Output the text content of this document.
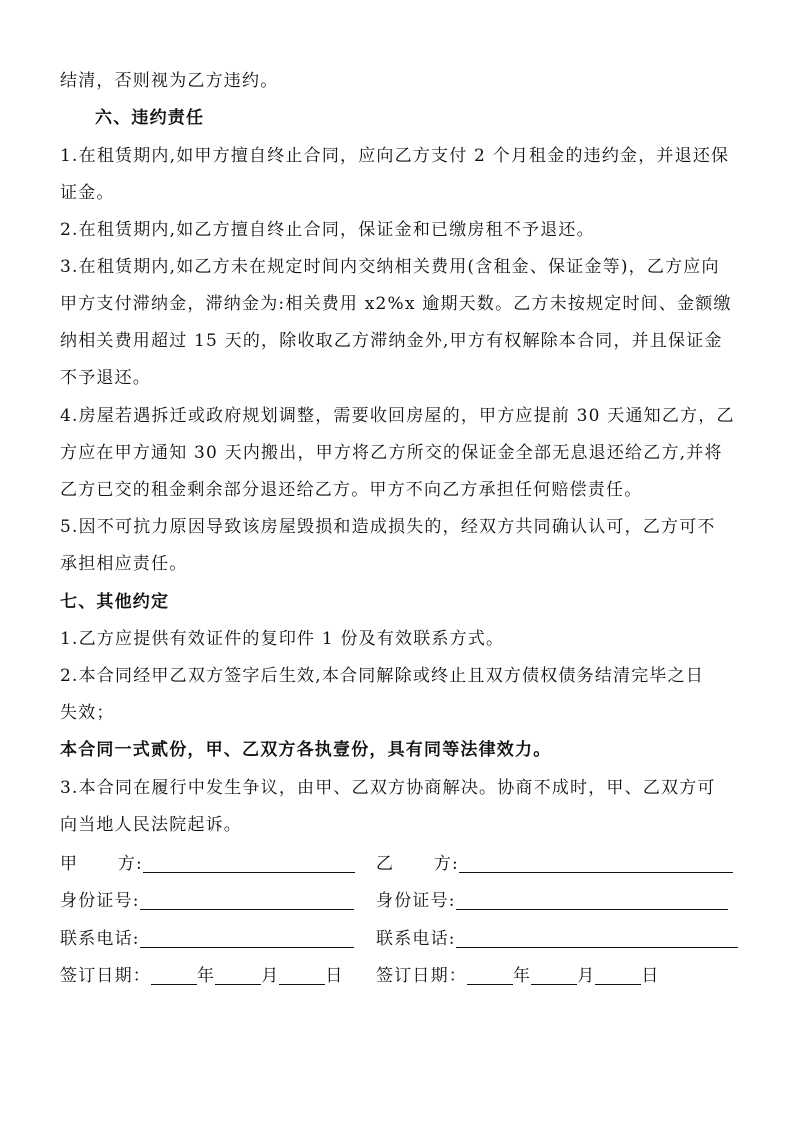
结清，否则视为乙方违约。
六、违约责任
1.在租赁期内,如甲方擅自终止合同，应向乙方支付 2 个月租金的违约金，并退还保
证金。
2.在租赁期内,如乙方擅自终止合同，保证金和已缴房租不予退还。
3.在租赁期内,如乙方未在规定时间内交纳相关费用(含租金、保证金等)，乙方应向
甲方支付滞纳金，滞纳金为:相关费用 x2%x 逾期天数。乙方未按规定时间、金额缴
纳相关费用超过 15 天的，除收取乙方滞纳金外,甲方有权解除本合同，并且保证金
不予退还。
4.房屋若遇拆迁或政府规划调整，需要收回房屋的，甲方应提前 30 天通知乙方，乙
方应在甲方通知 30 天内搬出，甲方将乙方所交的保证金全部无息退还给乙方,并将
乙方已交的租金剩余部分退还给乙方。甲方不向乙方承担任何赔偿责任。
5.因不可抗力原因导致该房屋毁损和造成损失的，经双方共同确认认可，乙方可不
承担相应责任。
七、其他约定
1.乙方应提供有效证件的复印件 1 份及有效联系方式。
2.本合同经甲乙双方签字后生效,本合同解除或终止且双方债权债务结清完毕之日
失效；
本合同一式贰份，甲、乙双方各执壹份，具有同等法律效力。
3.本合同在履行中发生争议，由甲、乙双方协商解决。协商不成时，甲、乙双方可
向当地人民法院起诉。
甲      方:	乙      方:
身份证号:	身份证号:
联系电话:	联系电话:
签订日期：	年	月	日 签订日期：	年	月	日
